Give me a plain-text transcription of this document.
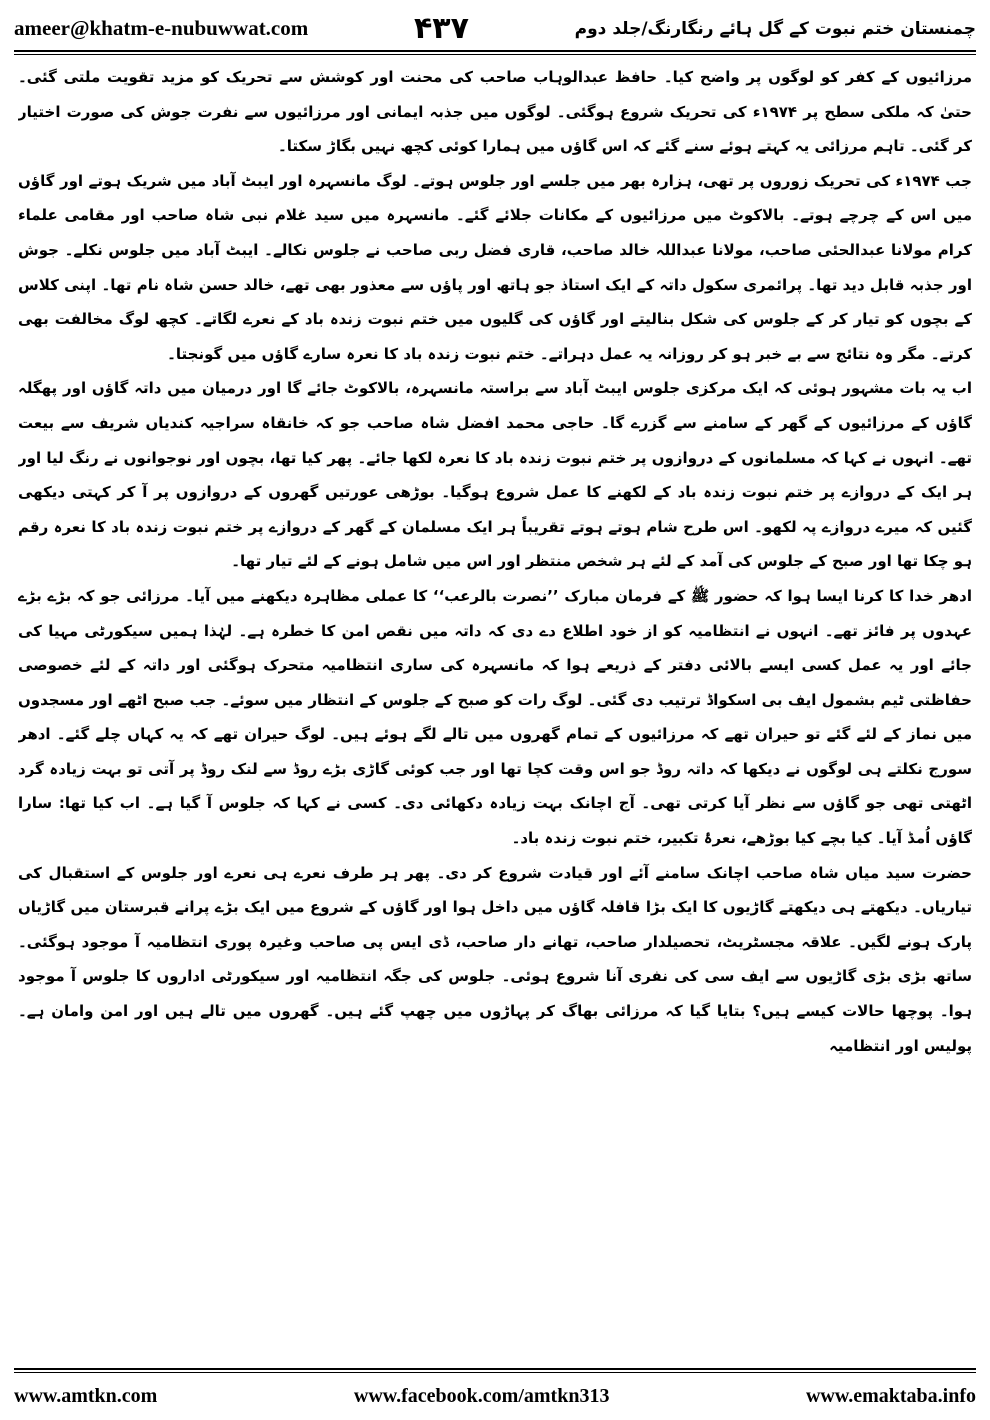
ameer@khatm-e-nubuwwat.com	۴۳۷	چمنستان ختم نبوت کے گل ہائے رنگارنگ/جلد دوم

مرزائیوں کے کفر کو لوگوں پر واضح کیا۔ حافظ عبدالوہاب صاحب کی محنت اور کوشش سے تحریک کو مزید تقویت ملتی گئی۔ حتیٰ کہ ملکی سطح پر ۱۹۷۴ء کی تحریک شروع ہوگئی۔ لوگوں میں جذبہ ایمانی اور مرزائیوں سے نفرت جوش کی صورت اختیار کر گئی۔ تاہم مرزائی یہ کہتے ہوئے سنے گئے کہ اس گاؤں میں ہمارا کوئی کچھ نہیں بگاڑ سکتا۔

جب ۱۹۷۴ء کی تحریک زوروں پر تھی، ہزارہ بھر میں جلسے اور جلوس ہوتے۔ لوگ مانسہرہ اور ایبٹ آباد میں شریک ہوتے اور گاؤں میں اس کے چرچے ہوتے۔ بالاکوٹ میں مرزائیوں کے مکانات جلائے گئے۔ مانسہرہ میں سید غلام نبی شاہ صاحب اور مقامی علماء کرام مولانا عبدالحئی صاحب، مولانا عبداللہ خالد صاحب، قاری فضل ربی صاحب نے جلوس نکالے۔ ایبٹ آباد میں جلوس نکلے۔ جوش اور جذبہ قابل دید تھا۔ پرائمری سکول داتہ کے ایک استاذ جو ہاتھ اور پاؤں سے معذور بھی تھے، خالد حسن شاہ نام تھا۔ اپنی کلاس کے بچوں کو تیار کر کے جلوس کی شکل بنالیتے اور گاؤں کی گلیوں میں ختم نبوت زندہ باد کے نعرے لگاتے۔ کچھ لوگ مخالفت بھی کرتے۔ مگر وہ نتائج سے بے خبر ہو کر روزانہ یہ عمل دہراتے۔ ختم نبوت زندہ باد کا نعرہ سارے گاؤں میں گونجتا۔

اب یہ بات مشہور ہوئی کہ ایک مرکزی جلوس ایبٹ آباد سے براستہ مانسہرہ، بالاکوٹ جائے گا اور درمیان میں داتہ گاؤں اور پھگلہ گاؤں کے مرزائیوں کے گھر کے سامنے سے گزرے گا۔ حاجی محمد افضل شاہ صاحب جو کہ خانقاہ سراجیہ کندیاں شریف سے بیعت تھے۔ انہوں نے کہا کہ مسلمانوں کے دروازوں پر ختم نبوت زندہ باد کا نعرہ لکھا جائے۔ پھر کیا تھا، بچوں اور نوجوانوں نے رنگ لیا اور ہر ایک کے دروازے پر ختم نبوت زندہ باد کے لکھنے کا عمل شروع ہوگیا۔ بوڑھی عورتیں گھروں کے دروازوں پر آ کر کہتی دیکھی گئیں کہ میرے دروازے پہ لکھو۔ اس طرح شام ہوتے ہوتے تقریباً ہر ایک مسلمان کے گھر کے دروازے پر ختم نبوت زندہ باد کا نعرہ رقم ہو چکا تھا اور صبح کے جلوس کی آمد کے لئے ہر شخص منتظر اور اس میں شامل ہونے کے لئے تیار تھا۔

ادھر خدا کا کرنا ایسا ہوا کہ حضور ﷺ کے فرمان مبارک ’’نصرت بالرعب‘‘ کا عملی مظاہرہ دیکھنے میں آیا۔ مرزائی جو کہ بڑے بڑے عہدوں پر فائز تھے۔ انہوں نے انتظامیہ کو از خود اطلاع دے دی کہ داتہ میں نقص امن کا خطرہ ہے۔ لہٰذا ہمیں سیکورٹی مہیا کی جائے اور یہ عمل کسی ایسے بالائی دفتر کے ذریعے ہوا کہ مانسہرہ کی ساری انتظامیہ متحرک ہوگئی اور داتہ کے لئے خصوصی حفاظتی ٹیم بشمول ایف بی اسکواڈ ترتیب دی گئی۔ لوگ رات کو صبح کے جلوس کے انتظار میں سوئے۔ جب صبح اٹھے اور مسجدوں میں نماز کے لئے گئے تو حیران تھے کہ مرزائیوں کے تمام گھروں میں تالے لگے ہوئے ہیں۔ لوگ حیران تھے کہ یہ کہاں چلے گئے۔ ادھر سورج نکلتے ہی لوگوں نے دیکھا کہ داتہ روڈ جو اس وقت کچا تھا اور جب کوئی گاڑی بڑے روڈ سے لنک روڈ پر آتی تو بہت زیادہ گرد اٹھتی تھی جو گاؤں سے نظر آیا کرتی تھی۔ آج اچانک بہت زیادہ دکھائی دی۔ کسی نے کہا کہ جلوس آ گیا ہے۔ اب کیا تھا: سارا گاؤں اُمڈ آیا۔ کیا بچے کیا بوڑھے، نعرۂ تکبیر، ختم نبوت زندہ باد۔

حضرت سید میاں شاہ صاحب اچانک سامنے آئے اور قیادت شروع کر دی۔ پھر ہر طرف نعرے ہی نعرے اور جلوس کے استقبال کی تیاریاں۔ دیکھتے ہی دیکھتے گاڑیوں کا ایک بڑا قافلہ گاؤں میں داخل ہوا اور گاؤں کے شروع میں ایک بڑے پرانے قبرستان میں گاڑیاں پارک ہونے لگیں۔ علاقہ مجسٹریٹ، تحصیلدار صاحب، تھانے دار صاحب، ڈی ایس پی صاحب وغیرہ پوری انتظامیہ آ موجود ہوگئی۔ ساتھ بڑی بڑی گاڑیوں سے ایف سی کی نفری آنا شروع ہوئی۔ جلوس کی جگہ انتظامیہ اور سیکورٹی اداروں کا جلوس آ موجود ہوا۔ پوچھا حالات کیسے ہیں؟ بتایا گیا کہ مرزائی بھاگ کر پہاڑوں میں چھپ گئے ہیں۔ گھروں میں تالے ہیں اور امن وامان ہے۔ پولیس اور انتظامیہ

www.amtkn.com	www.facebook.com/amtkn313	www.emaktaba.info
